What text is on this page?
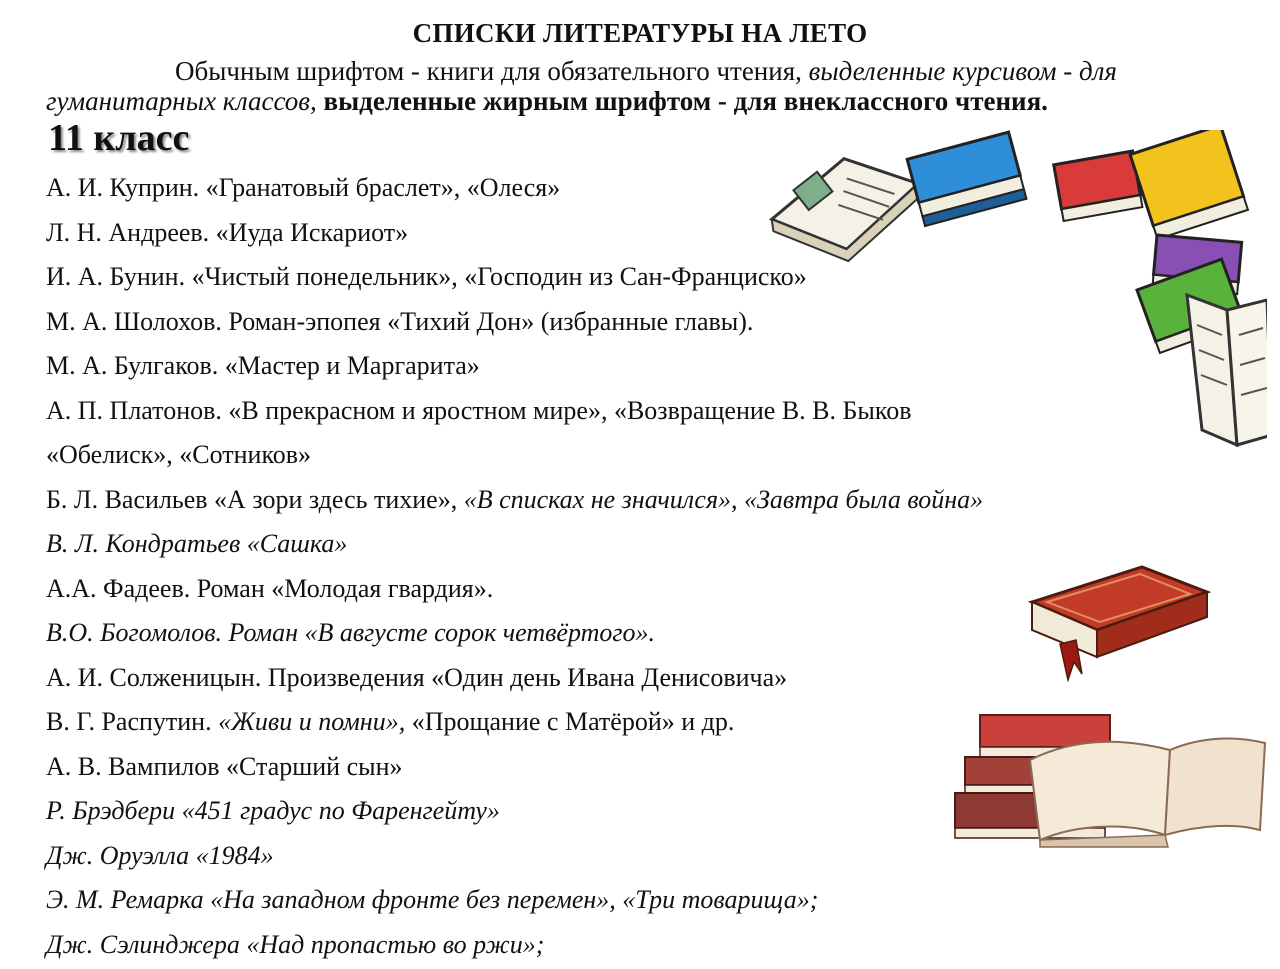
СПИСКИ ЛИТЕРАТУРЫ НА ЛЕТО
Обычным шрифтом - книги для обязательного чтения, выделенные курсивом - для
гуманитарных классов, выделенные жирным шрифтом - для внеклассного чтения.
11 класс
А. И. Куприн. «Гранатовый браслет», «Олеся»
Л. Н. Андреев. «Иуда Искариот»
И. А. Бунин. «Чистый понедельник», «Господин из Сан-Франциско»
М. А. Шолохов. Роман-эпопея «Тихий Дон» (избранные главы).
М. А. Булгаков. «Мастер и Маргарита»
А. П. Платонов. «В прекрасном и яростном мире», «Возвращение В. В. Быков
«Обелиск», «Сотников»
Б. Л. Васильев «А зори здесь тихие», «В списках не значился», «Завтра была война»
В. Л. Кондратьев «Сашка»
А.А. Фадеев. Роман «Молодая гвардия».
В.О. Богомолов. Роман «В августе сорок четвёртого».
А. И. Солженицын. Произведения «Один день Ивана Денисовича»
В. Г. Распутин. «Живи и помни», «Прощание с Матёрой» и др.
А. В. Вампилов «Старший сын»
Р. Брэдбери «451 градус по Фаренгейту»
Дж. Оруэлла «1984»
Э. М. Ремарка «На западном фронте без перемен», «Три товарища»;
Дж. Сэлинджера «Над пропастью во ржи»;
